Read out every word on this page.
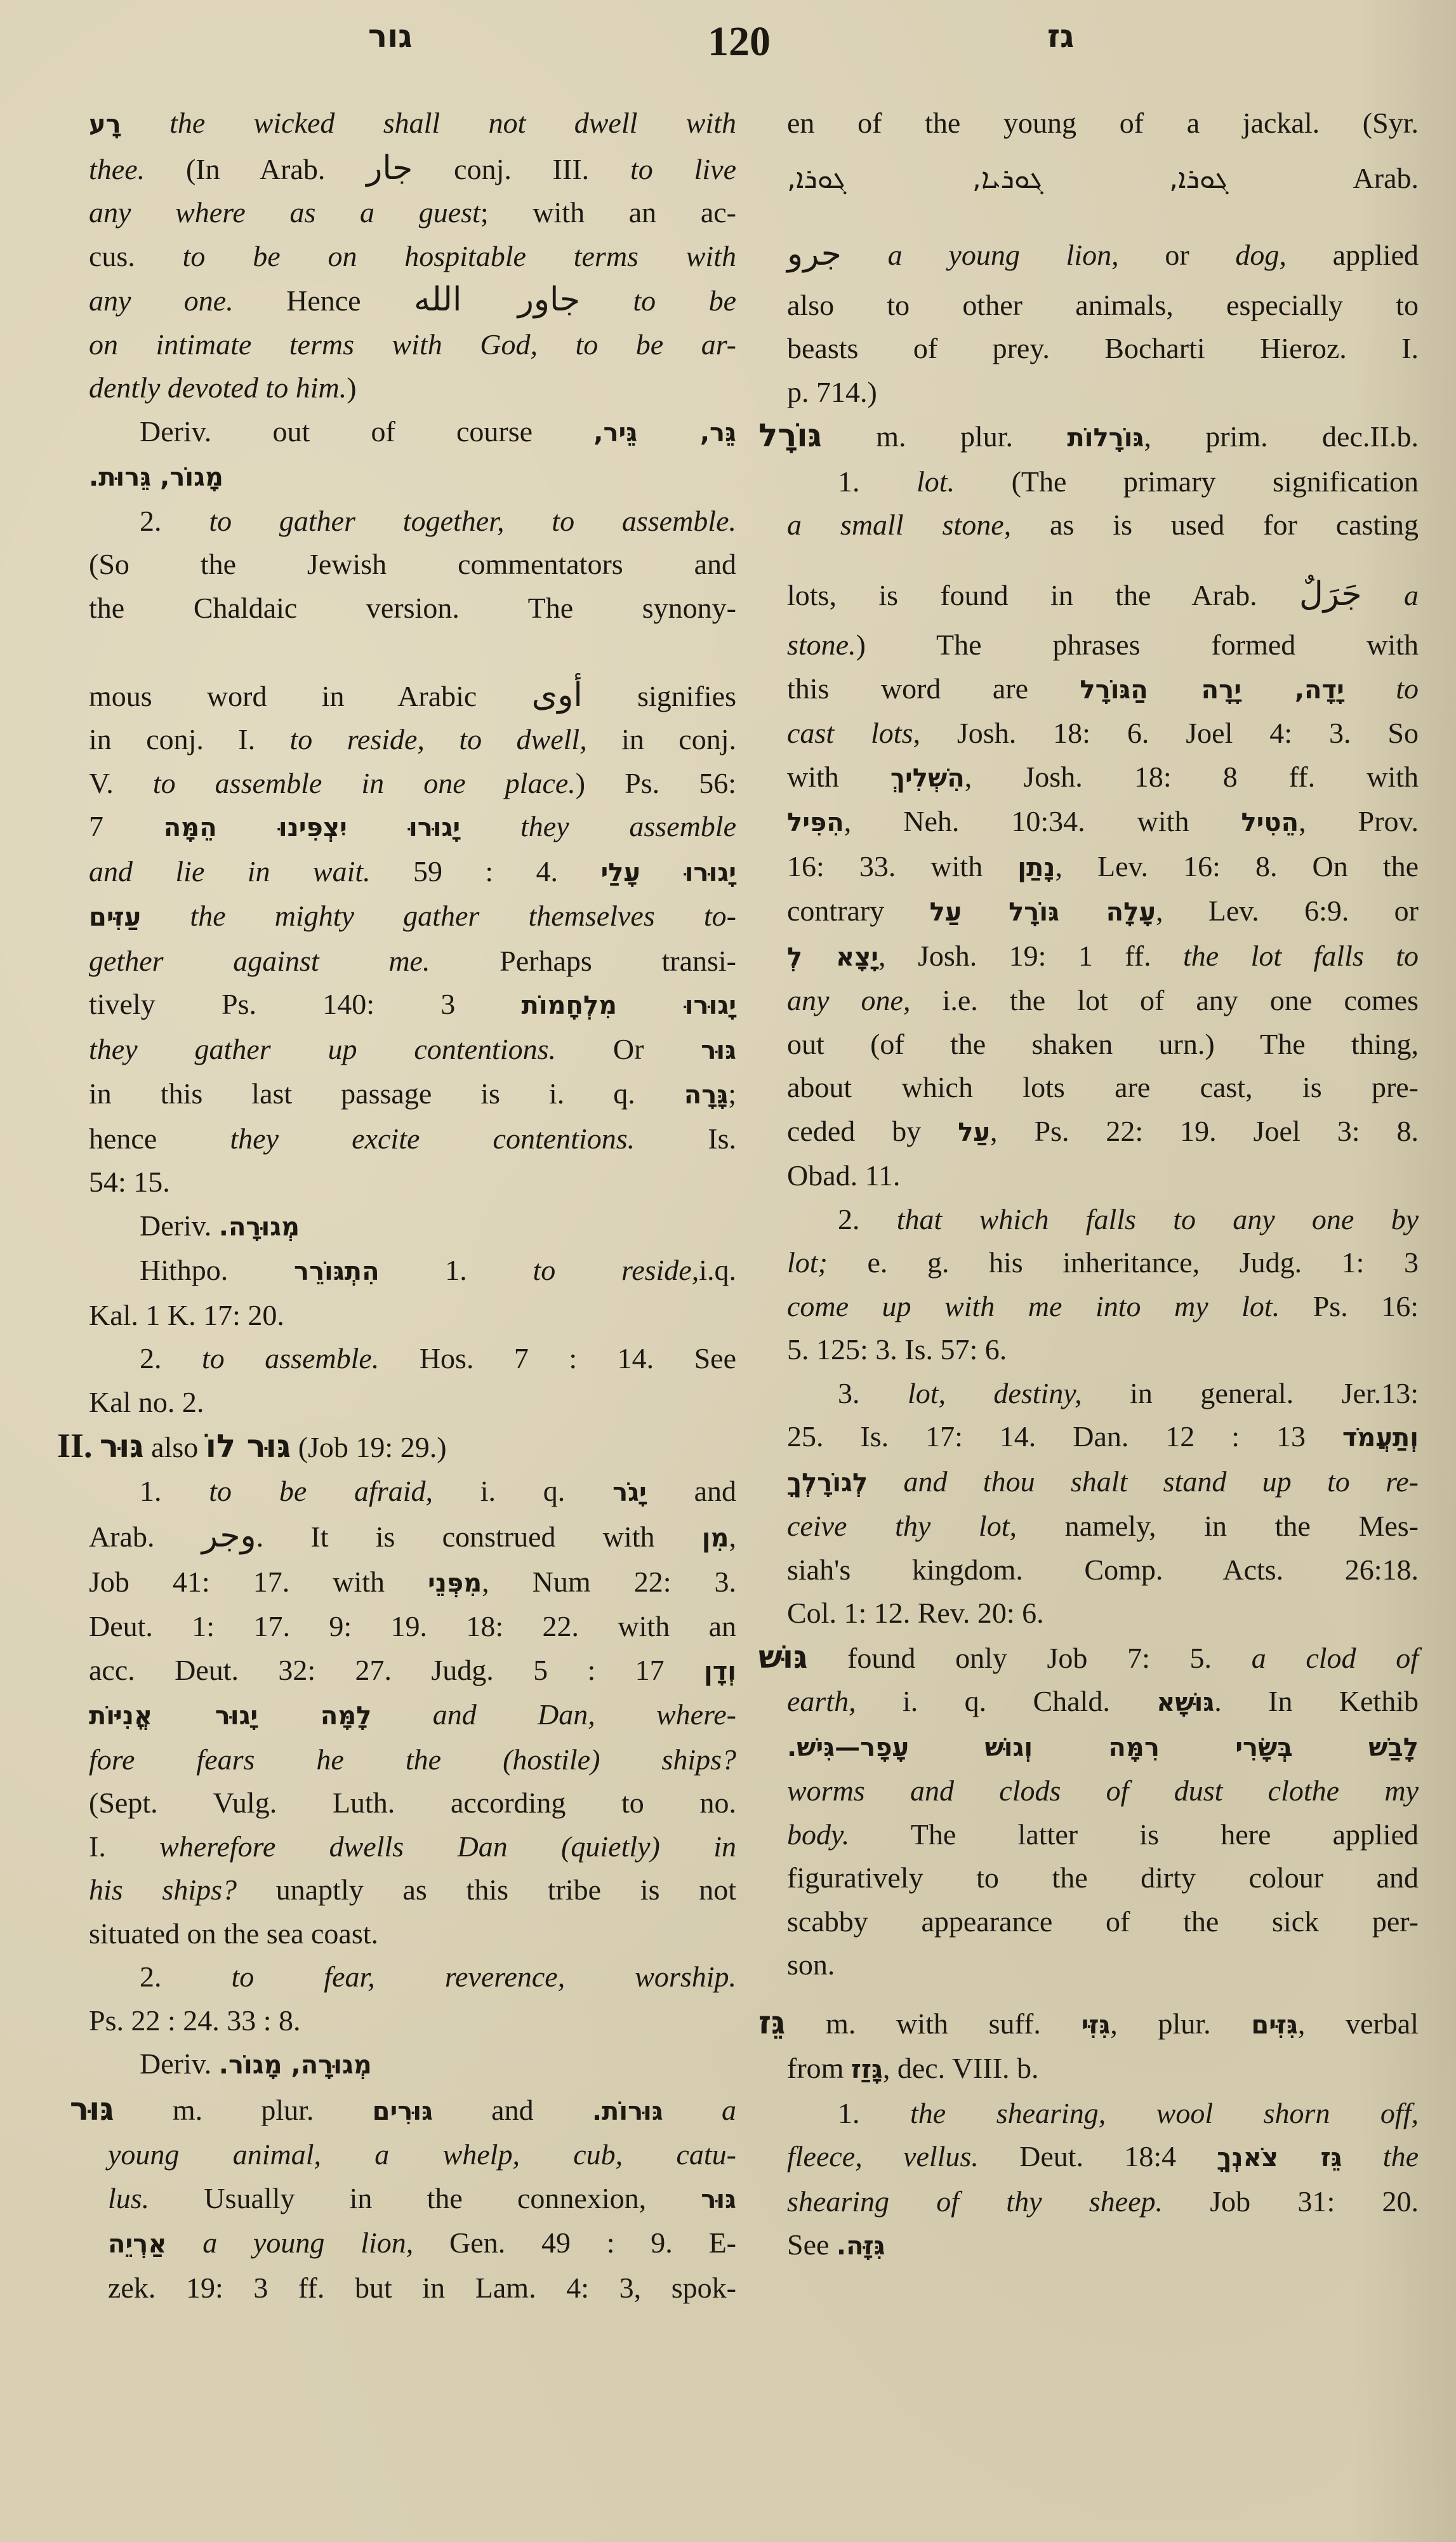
גור	120	גז
רָע the wicked shall not dwell with
thee. (In Arab. جار conj. III. to live
any where as a guest; with an ac-
cus. to be on hospitable terms with
any one. Hence جاور الله to be
on intimate terms with God, to be ar-
dently devoted to him.)
Deriv. out of course גֵּר, גֵּיר,
מָגוֹר, גֵּרוּת.
2. to gather together, to assemble.
(So the Jewish commentators and
the Chaldaic version. The synony-
mous word in Arabic أوى signifies
in conj. I. to reside, to dwell, in conj.
V. to assemble in one place.) Ps. 56:
7 יָגוּרוּ יִצְפִּינוּ הֵמָּה they assemble
and lie in wait. 59 : 4. יָגוּרוּ עָלַי
עַזִּים the mighty gather themselves to-
gether against me. Perhaps transi-
tively Ps. 140: 3 יָגוּרוּ מִלְחָמוֹת
they gather up contentions. Or גּוּר
in this last passage is i. q. גָּרָה;
hence they excite contentions. Is.
54: 15.
Deriv. מְגוּרָה.
Hithpo. הִתְגּוֹרֵר 1. to reside,i.q.
Kal. 1 K. 17: 20.
2. to assemble. Hos. 7 : 14. See
Kal no. 2.
II. גּוּר also גּוּר לוֹ (Job 19: 29.)
1. to be afraid, i. q. יָגֹר and
Arab. وجر. It is construed with מִן,
Job 41: 17. with מִפְּנֵי, Num 22: 3.
Deut. 1: 17. 9: 19. 18: 22. with an
acc. Deut. 32: 27. Judg. 5 : 17 וְדָן
לָמָּה יָגוּר אֳנִיּוֹת and Dan, where-
fore fears he the (hostile) ships?
(Sept. Vulg. Luth. according to no.
I. wherefore dwells Dan (quietly) in
his ships? unaptly as this tribe is not
situated on the sea coast.
2. to fear, reverence, worship.
Ps. 22 : 24. 33 : 8.
Deriv. מְגוּרָה, מָגוֹר.
גּוּר m. plur. גּוּרִים and גּוּרוֹת. a
young animal, a whelp, cub, catu-
lus. Usually in the connexion, גּוּר
אַרְיֵה a young lion, Gen. 49 : 9. E-
zek. 19: 3 ff. but in Lam. 4: 3, spok-
en of the young of a jackal. (Syr.
ܓܘܪܐ, ܓܘܪܝܐ, ܓܘܪܐ, Arab.
جرو a young lion, or dog, applied
also to other animals, especially to
beasts of prey. Bocharti Hieroz. I.
p. 714.)
גּוֹרָל m. plur. גּוֹרָלוֹת, prim. dec.II.b.
1. lot. (The primary signification
a small stone, as is used for casting
lots, is found in the Arab. جَرَلٌ a
stone.) The phrases formed with
this word are יָדָה, יָרָה הַגּוֹרָל to
cast lots, Josh. 18: 6. Joel 4: 3. So
with הִשְׁלִיךְ, Josh. 18: 8 ff. with
הִפִּיל, Neh. 10:34. with הֵטִיל, Prov.
16: 33. with נָתַן, Lev. 16: 8. On the
contrary עָלָה גּוֹרָל עַל, Lev. 6:9. or
יָצָא לְ, Josh. 19: 1 ff. the lot falls to
any one, i.e. the lot of any one comes
out (of the shaken urn.) The thing,
about which lots are cast, is pre-
ceded by עַל, Ps. 22: 19. Joel 3: 8.
Obad. 11.
2. that which falls to any one by
lot; e. g. his inheritance, Judg. 1: 3
come up with me into my lot. Ps. 16:
5. 125: 3. Is. 57: 6.
3. lot, destiny, in general. Jer.13:
25. Is. 17: 14. Dan. 12 : 13 וְתַעֲמֹד
לְגוֹרָלְךָ and thou shalt stand up to re-
ceive thy lot, namely, in the Mes-
siah's kingdom. Comp. Acts. 26:18.
Col. 1: 12. Rev. 20: 6.
גּוּשׁ found only Job 7: 5. a clod of
earth, i. q. Chald. גּוּשָׁא. In Kethib
לָבַשׁ בְּשָׂרִי רִמָּה וְגוּשׁ עָפָר—גִּישׁ.
worms and clods of dust clothe my
body. The latter is here applied
figuratively to the dirty colour and
scabby appearance of the sick per-
son.
גֵּז m. with suff. גִּזִּי, plur. גִּזִּים, verbal
from גָּזַז, dec. VIII. b.
1. the shearing, wool shorn off,
fleece, vellus. Deut. 18:4 גֵּז צֹאנְךָ the
shearing of thy sheep. Job 31: 20.
See גִּזָּה.
